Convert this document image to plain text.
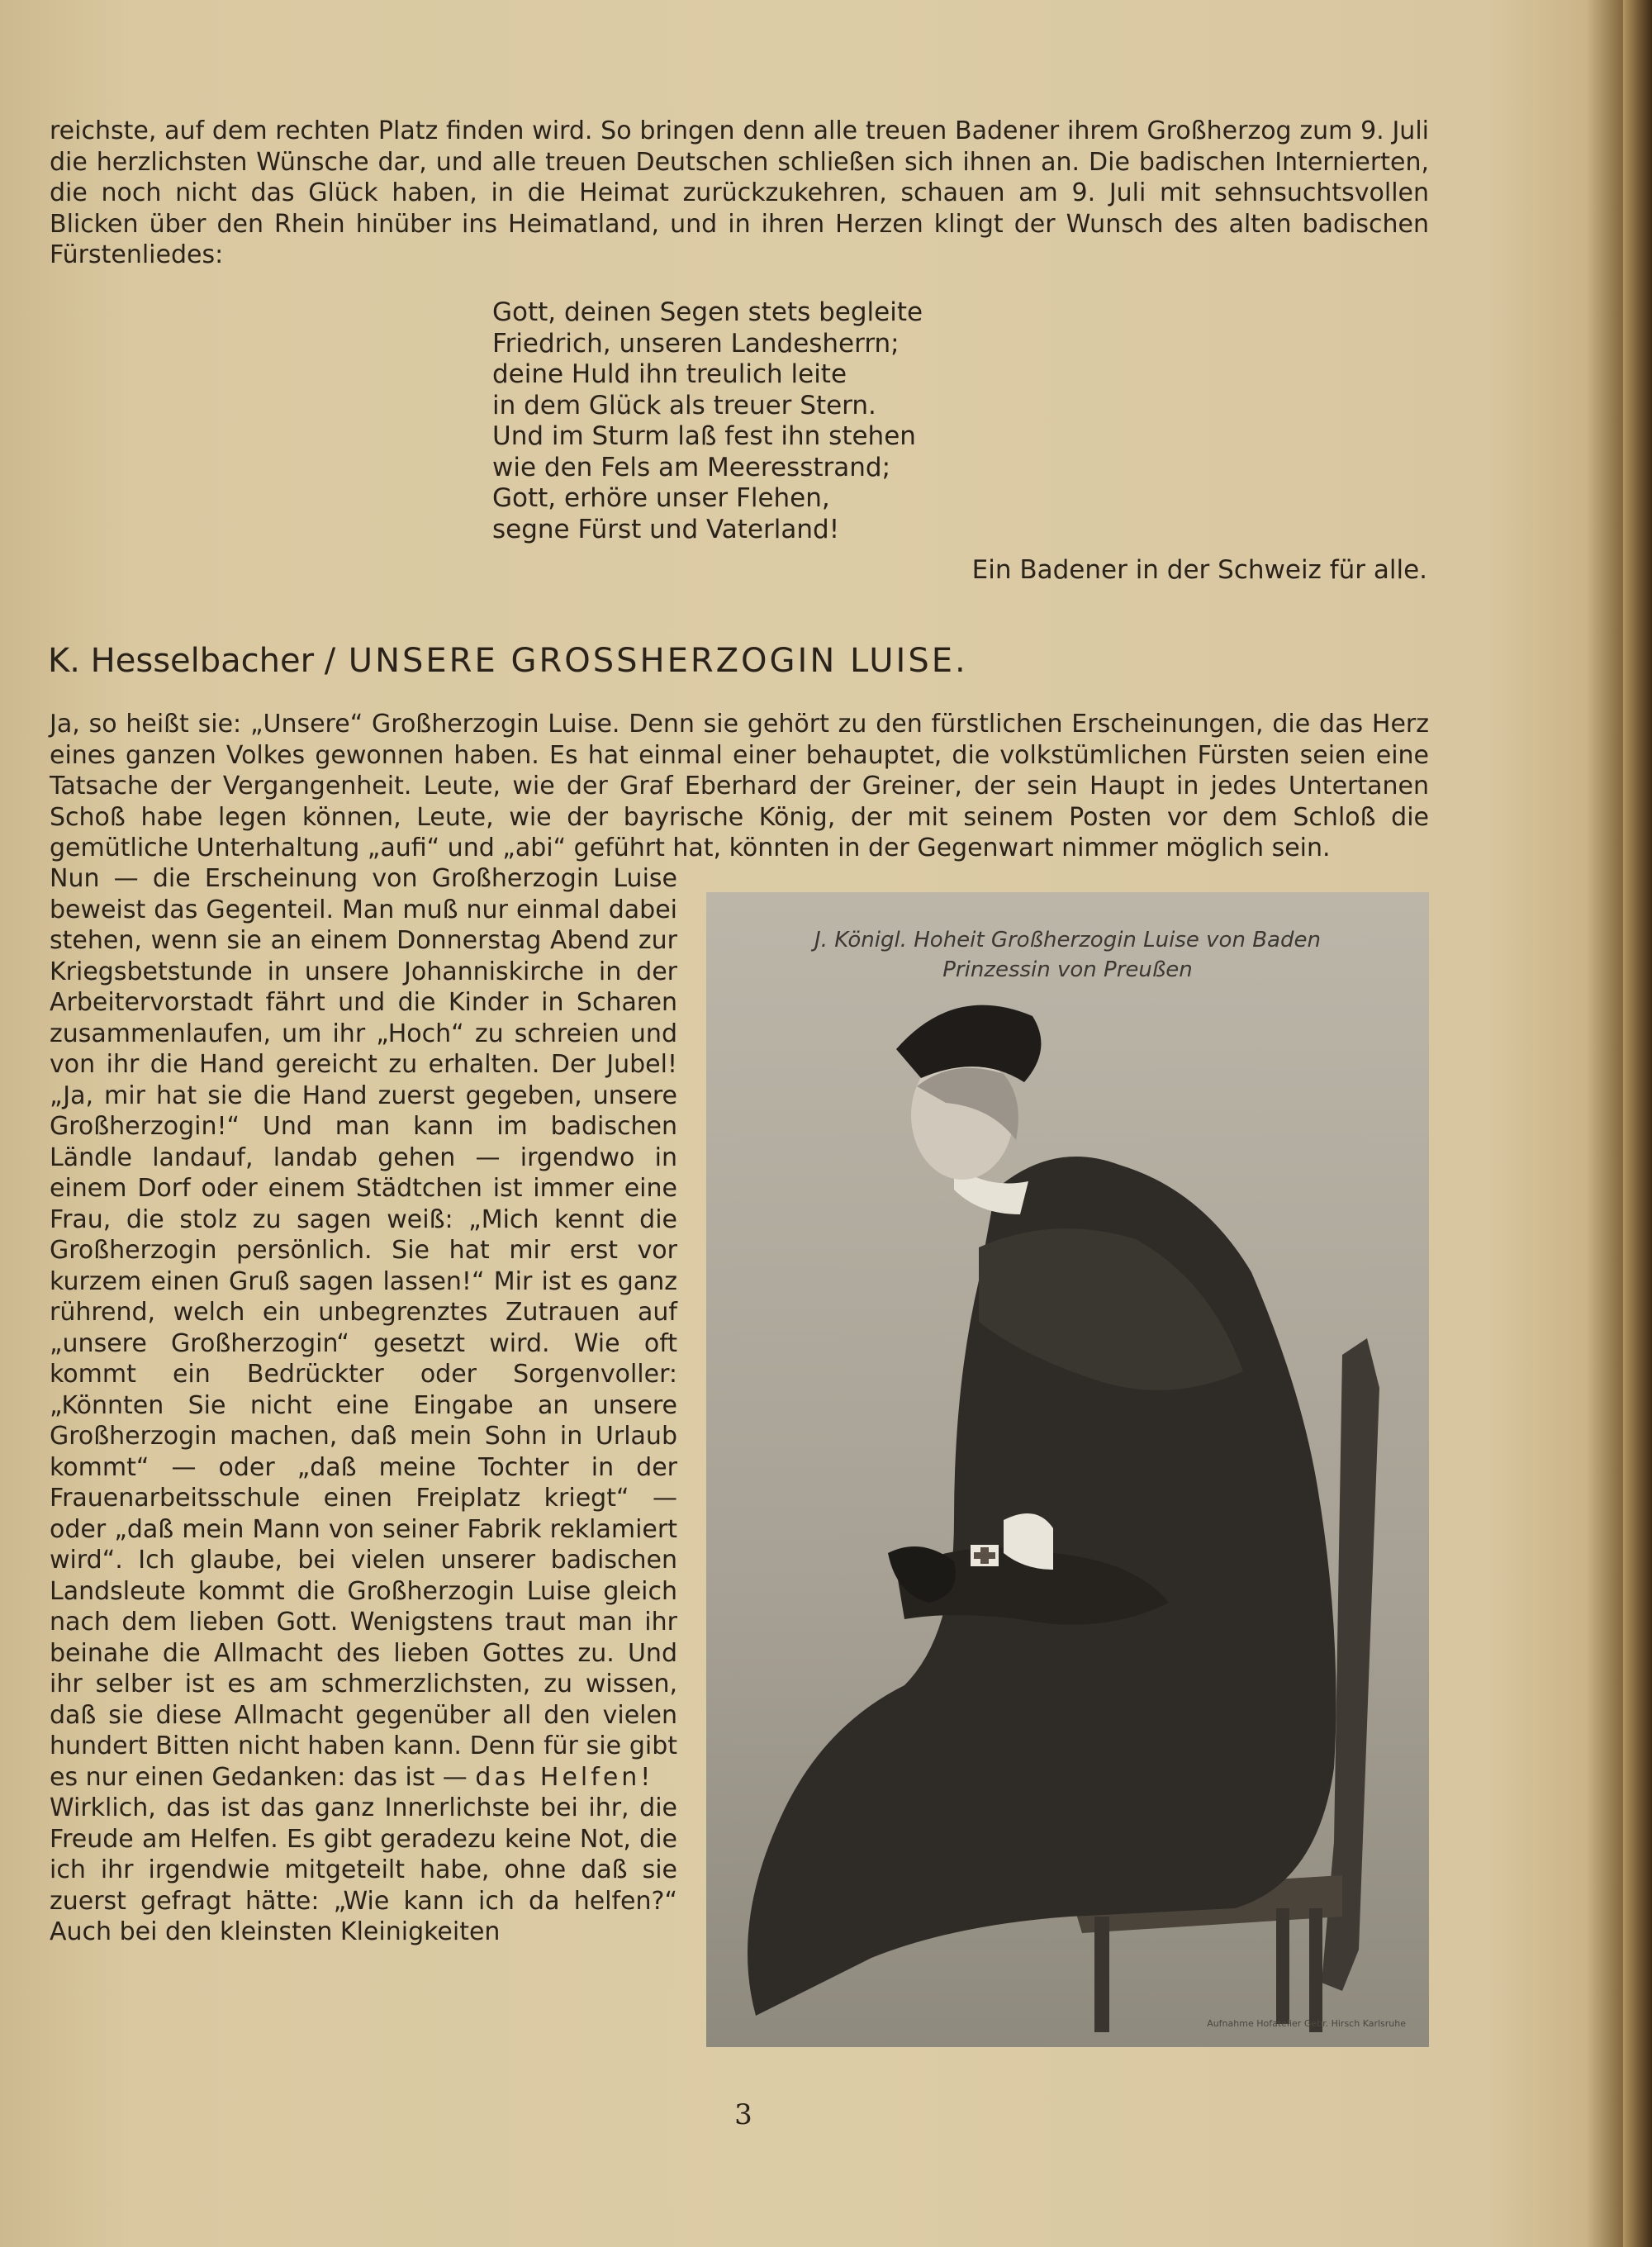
reichste, auf dem rechten Platz finden wird. So bringen denn alle treuen Badener ihrem Großherzog zum 9. Juli die herzlichsten Wünsche dar, und alle treuen Deutschen schließen sich ihnen an. Die badischen Internierten, die noch nicht das Glück haben, in die Heimat zurückzukehren, schauen am 9. Juli mit sehnsuchtsvollen Blicken über den Rhein hinüber ins Heimatland, und in ihren Herzen klingt der Wunsch des alten badischen Fürstenliedes:

Gott, deinen Segen stets begleite
Friedrich, unseren Landesherrn;
deine Huld ihn treulich leite
in dem Glück als treuer Stern.
Und im Sturm laß fest ihn stehen
wie den Fels am Meeresstrand;
Gott, erhöre unser Flehen,
segne Fürst und Vaterland!
Ein Badener in der Schweiz für alle.
K. Hesselbacher / UNSERE GROSSHERZOGIN LUISE.

Ja, so heißt sie: „Unsere“ Großherzogin Luise. Denn sie gehört zu den fürstlichen Erscheinungen, die das Herz eines ganzen Volkes gewonnen haben. Es hat einmal einer behauptet, die volkstümlichen Fürsten seien eine Tatsache der Vergangenheit. Leute, wie der Graf Eberhard der Greiner, der sein Haupt in jedes Untertanen Schoß habe legen können, Leute, wie der bayrische König, der mit seinem Posten vor dem Schloß die gemütliche Unterhaltung „aufi“ und „abi“ geführt hat, könnten in der Gegenwart nimmer möglich sein.

Nun — die Erscheinung von Großherzogin Luise beweist das Gegenteil. Man muß nur einmal dabei stehen, wenn sie an einem Donnerstag Abend zur Kriegsbetstunde in unsere Johanniskirche in der Arbeitervorstadt fährt und die Kinder in Scharen zusammenlaufen, um ihr „Hoch“ zu schreien und von ihr die Hand gereicht zu erhalten. Der Jubel! „Ja, mir hat sie die Hand zuerst gegeben, unsere Großherzogin!“ Und man kann im badischen Ländle landauf, landab gehen — irgendwo in einem Dorf oder einem Städtchen ist immer eine Frau, die stolz zu sagen weiß: „Mich kennt die Großherzogin persönlich. Sie hat mir erst vor kurzem einen Gruß sagen lassen!“ Mir ist es ganz rührend, welch ein unbegrenztes Zutrauen auf „unsere Großherzogin“ gesetzt wird. Wie oft kommt ein Bedrückter oder Sorgenvoller: „Könnten Sie nicht eine Eingabe an unsere Großherzogin machen, daß mein Sohn in Urlaub kommt“ — oder „daß meine Tochter in der Frauenarbeitsschule einen Freiplatz kriegt“ — oder „daß mein Mann von seiner Fabrik reklamiert wird“. Ich glaube, bei vielen unserer badischen Landsleute kommt die Großherzogin Luise gleich nach dem lieben Gott. Wenigstens traut man ihr beinahe die Allmacht des lieben Gottes zu. Und ihr selber ist es am schmerzlichsten, zu wissen, daß sie diese Allmacht gegenüber all den vielen hundert Bitten nicht haben kann. Denn für sie gibt es nur einen Gedanken: das ist — das Helfen!

Wirklich, das ist das ganz Innerlichste bei ihr, die Freude am Helfen. Es gibt geradezu keine Not, die ich ihr irgendwie mitgeteilt habe, ohne daß sie zuerst gefragt hätte: „Wie kann ich da helfen?“ Auch bei den kleinsten Kleinigkeiten

J. Königl. Hoheit Großherzogin Luise von Baden
Prinzessin von Preußen
Aufnahme Hofatelier Gebr. Hirsch Karlsruhe
3
